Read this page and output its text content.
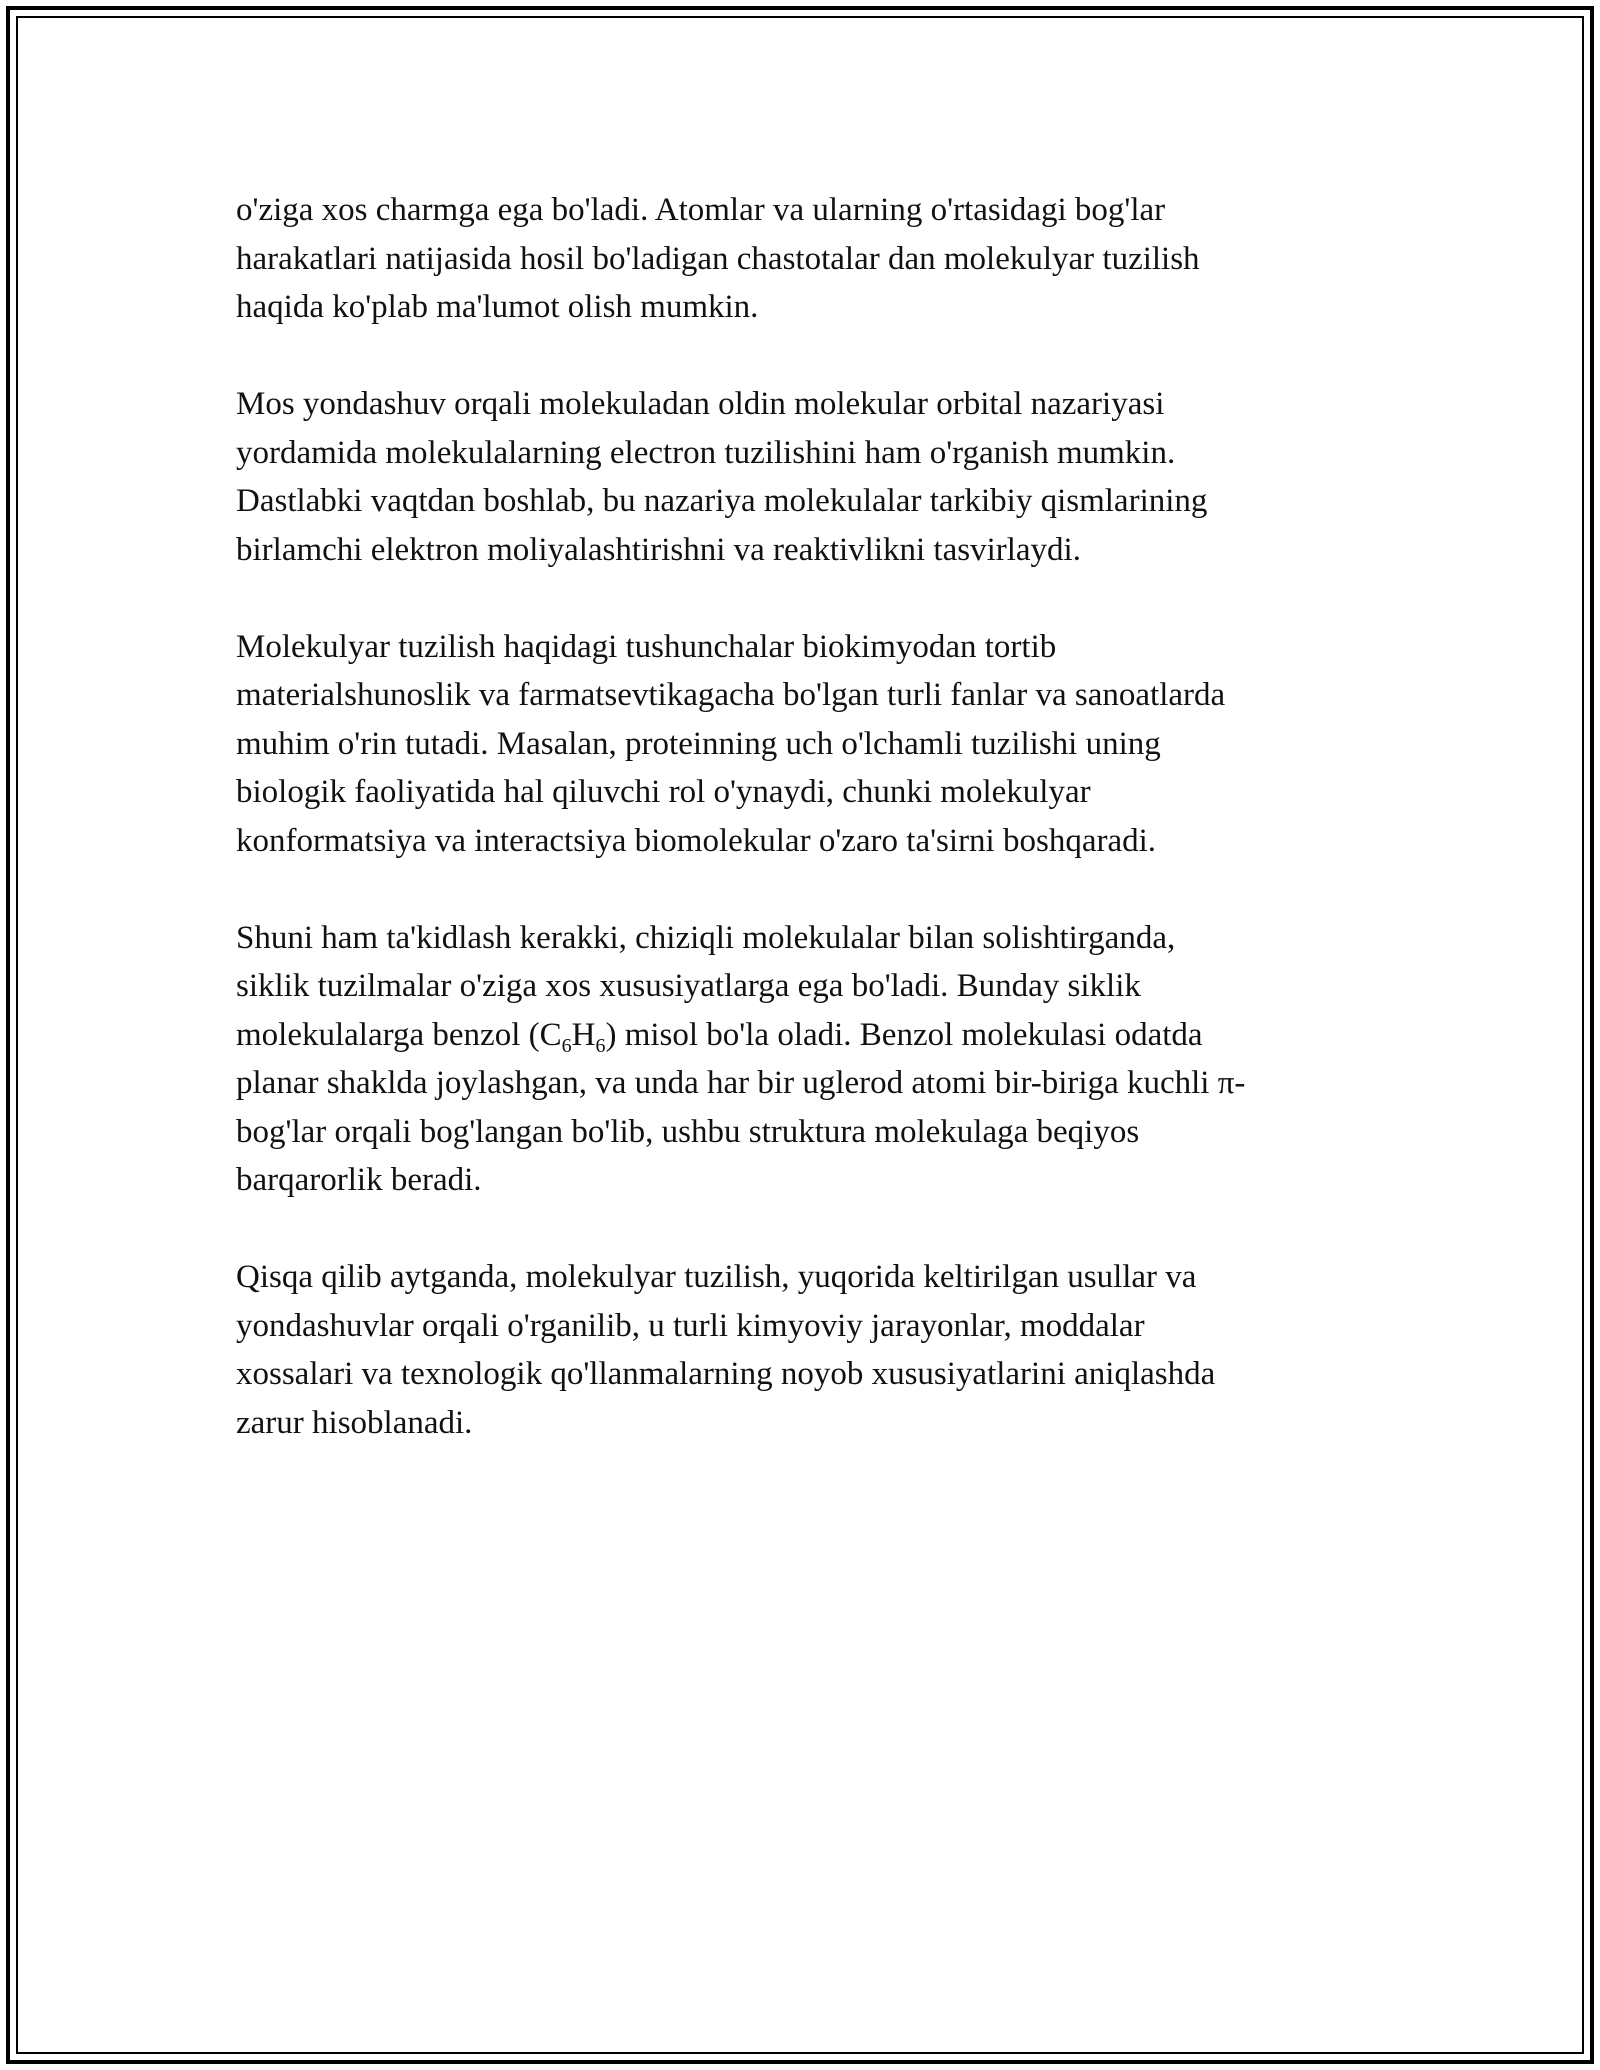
o'ziga xos charmga ega bo'ladi. Atomlar va ularning o'rtasidagi bog'lar
harakatlari natijasida hosil bo'ladigan chastotalar dan molekulyar tuzilish
haqida ko'plab ma'lumot olish mumkin.

Mos yondashuv orqali molekuladan oldin molekular orbital nazariyasi
yordamida molekulalarning electron tuzilishini ham o'rganish mumkin.
Dastlabki vaqtdan boshlab, bu nazariya molekulalar tarkibiy qismlarining
birlamchi elektron moliyalashtirishni va reaktivlikni tasvirlaydi.

Molekulyar tuzilish haqidagi tushunchalar biokimyodan tortib
materialshunoslik va farmatsevtikagacha bo'lgan turli fanlar va sanoatlarda
muhim o'rin tutadi. Masalan, proteinning uch o'lchamli tuzilishi uning
biologik faoliyatida hal qiluvchi rol o'ynaydi, chunki molekulyar
konformatsiya va interactsiya biomolekular o'zaro ta'sirni boshqaradi.

Shuni ham ta'kidlash kerakki, chiziqli molekulalar bilan solishtirganda,
siklik tuzilmalar o'ziga xos xususiyatlarga ega bo'ladi. Bunday siklik
molekulalarga benzol $(C_6H_6)$ misol bo'la oladi. Benzol molekulasi odatda
planar shaklda joylashgan, va unda har bir uglerod atomi bir-biriga kuchli π-
bog'lar orqali bog'langan bo'lib, ushbu struktura molekulaga beqiyos
barqarorlik beradi.

Qisqa qilib aytganda, molekulyar tuzilish, yuqorida keltirilgan usullar va
yondashuvlar orqali o'rganilib, u turli kimyoviy jarayonlar, moddalar
xossalari va texnologik qo'llanmalarning noyob xususiyatlarini aniqlashda
zarur hisoblanadi.
